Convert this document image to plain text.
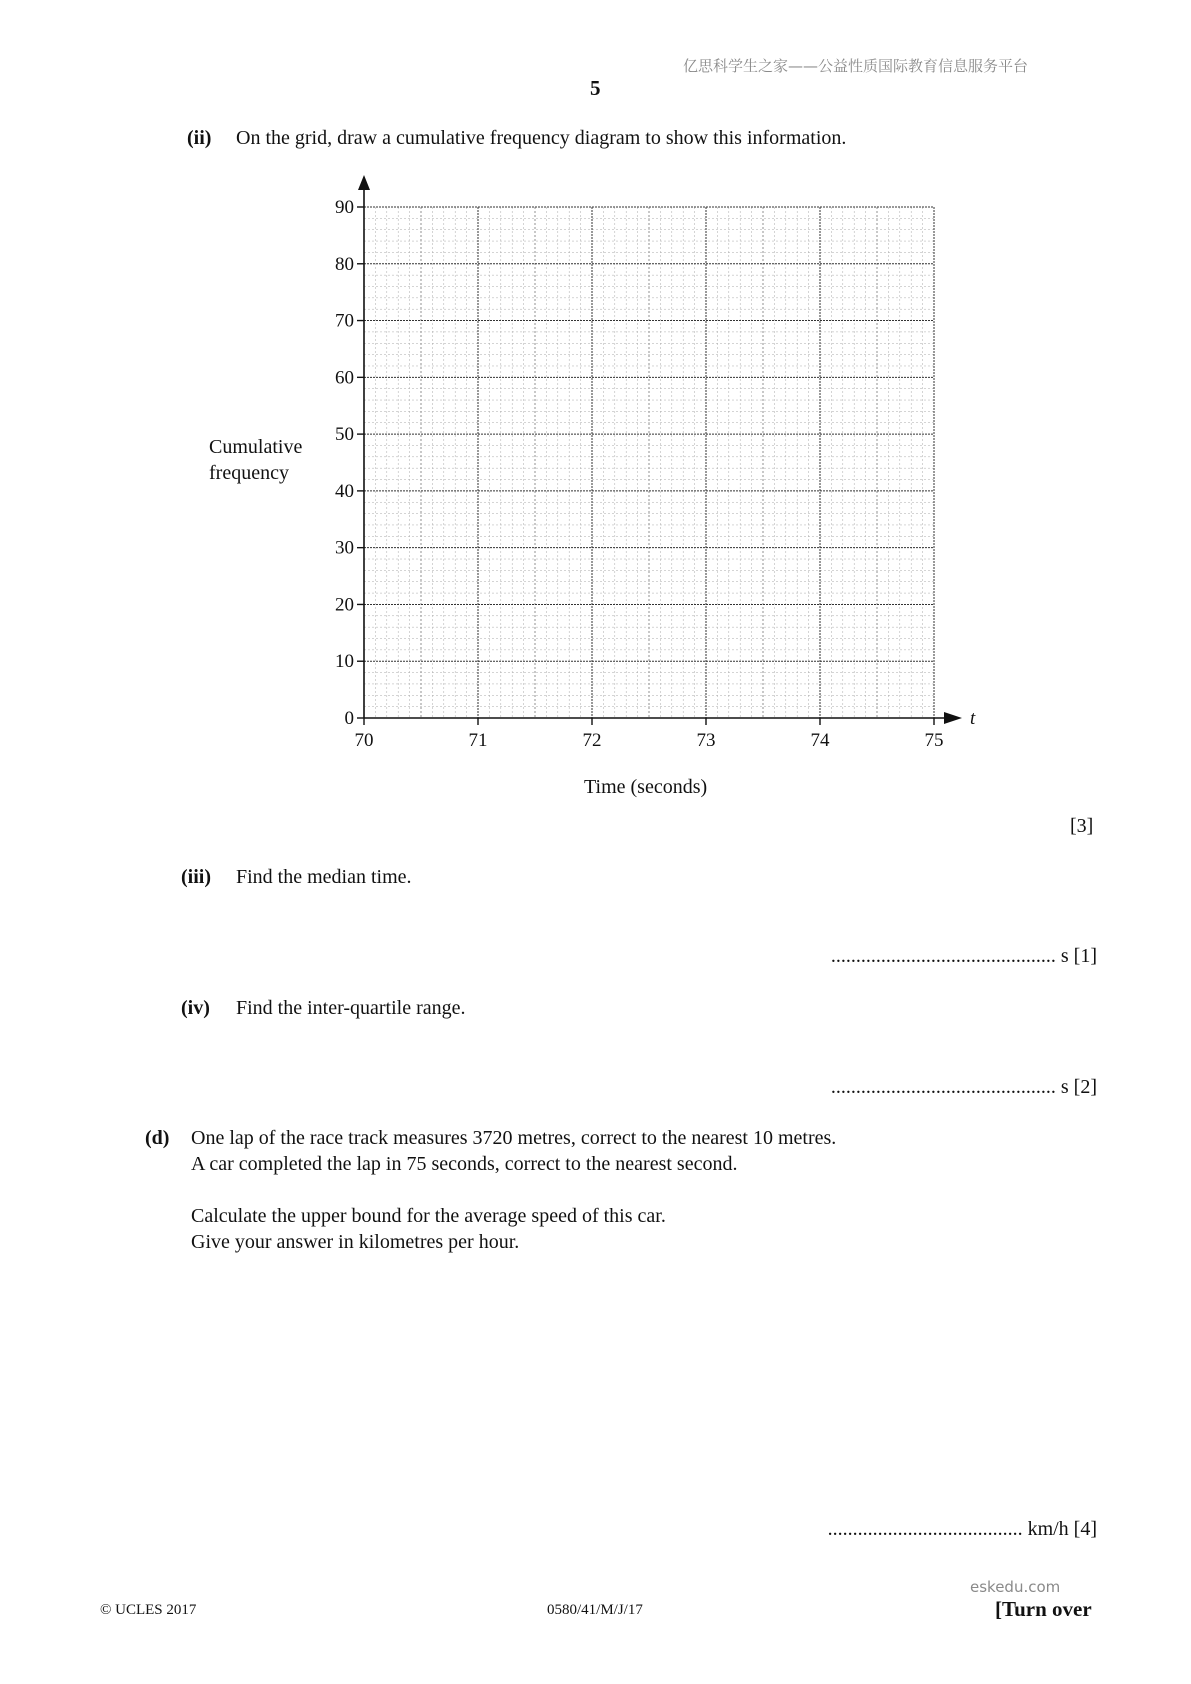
亿思科学生之家——公益性质国际教育信息服务平台
5
(ii) On the grid, draw a cumulative frequency diagram to show this information.
Cumulative
frequency
t
0
10
20
30
40
50
60
70
80
90
70	71	72	73	74	75
Time (seconds)
[3]
(iii) Find the median time.
............................................. s [1]
(iv) Find the inter-quartile range.
............................................. s [2]
(d) One lap of the race track measures 3720 metres, correct to the nearest 10 metres.
A car completed the lap in 75 seconds, correct to the nearest second.
Calculate the upper bound for the average speed of this car.
Give your answer in kilometres per hour.
....................................... km/h [4]
eskedu.com
© UCLES 2017	0580/41/M/J/17	[Turn over
